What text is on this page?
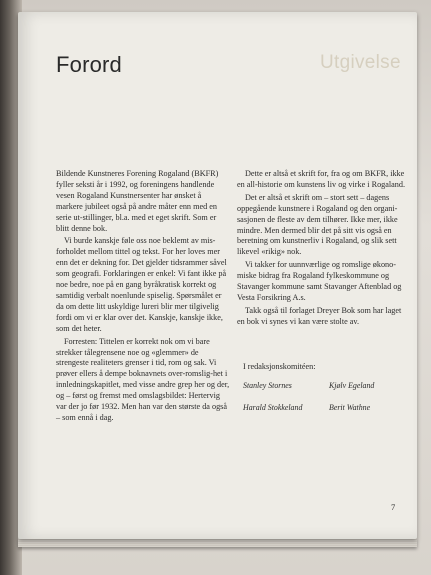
Utgivelse
Forord

Bildende Kunstneres Forening Rogaland (BKFR) fyller seksti år i 1992, og foreningens handlende vesen Rogaland Kunstnersenter har ønsket å markere jubileet også på andre måter enn med en serie ut-stillinger, bl.a. med et eget skrift. Som er blitt denne bok.

Vi burde kanskje føle oss noe beklemt av mis-forholdet mellom tittel og tekst. For her loves mer enn det er dekning for. Det gjelder tidsrammer såvel som geografi. Forklaringen er enkel: Vi fant ikke på noe bedre, noe på en gang byråkratisk korrekt og samtidig verbalt noenlunde spiselig. Spørsmålet er da om dette litt uskyldige lureri blir mer tilgivelig fordi om vi er klar over det. Kanskje, kanskje ikke, som det heter.

Forresten: Tittelen er korrekt nok om vi bare strekker tålegrensene noe og «glemmer» de strengeste realiteters grenser i tid, rom og sak. Vi prøver ellers å dempe boknavnets over-romslig-het i innledningskapitlet, med visse andre grep her og der, og – først og fremst med omslagsbildet: Hertervig var der jo før 1932. Men han var den største da også – som ennå i dag.

Dette er altså et skrift for, fra og om BKFR, ikke en all-historie om kunstens liv og virke i Rogaland.

Det er altså et skrift om – stort sett – dagens oppegående kunstnere i Rogaland og den organi-sasjonen de fleste av dem tilhører. Ikke mer, ikke mindre. Men dermed blir det på sitt vis også en beretning om kunstnerliv i Rogaland, og slik sett likevel «rikig» nok.

Vi takker for uunnværlige og romslige økono-miske bidrag fra Rogaland fylkeskommune og Stavanger kommune samt Stavanger Aftenblad og Vesta Forsikring A.s.

Takk også til forlaget Dreyer Bok som har laget en bok vi synes vi kan være stolte av.

I redaksjonskomitéen:

Stanley Stornes	Kjølv Egeland
Harald Stokkeland	Berit Wathne
7
